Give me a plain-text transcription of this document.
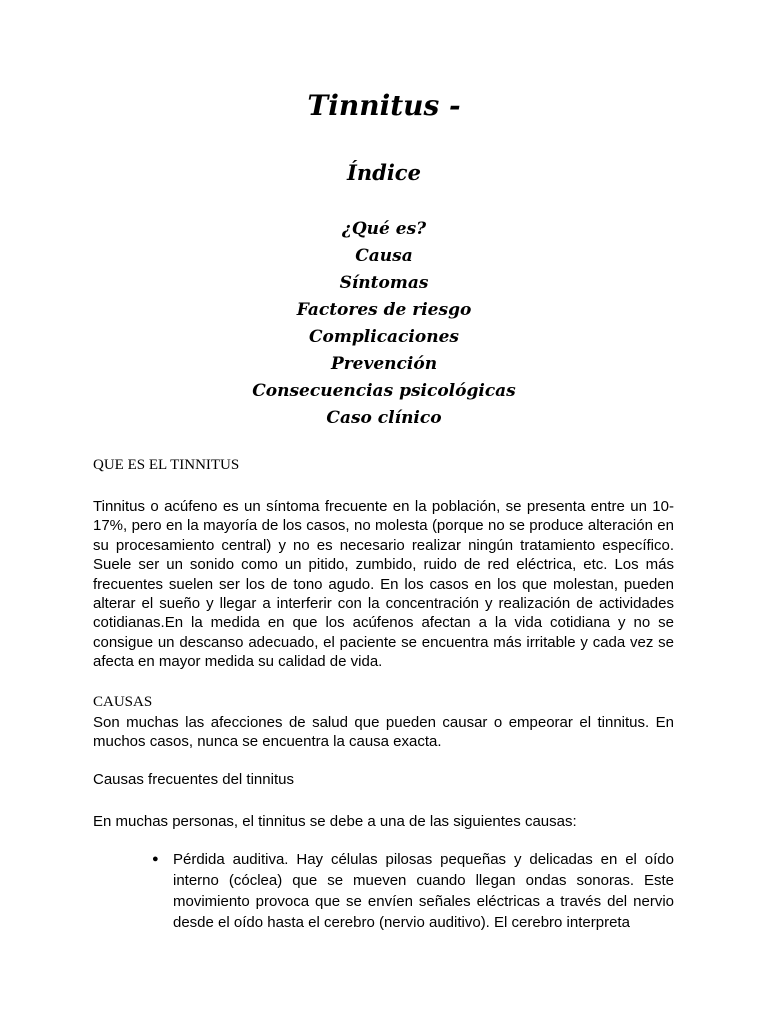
Tinnitus -
Índice
¿Qué es?
Causa
Síntomas
Factores de riesgo
Complicaciones
Prevención
Consecuencias psicológicas
Caso clínico
QUE ES EL TINNITUS

Tinnitus o acúfeno es un síntoma frecuente en la población, se presenta entre un 10-17%, pero en la mayoría de los casos, no molesta (porque no se produce alteración en su procesamiento central) y no es necesario realizar ningún tratamiento específico. Suele ser un sonido como un pitido, zumbido, ruido de red eléctrica, etc. Los más frecuentes suelen ser los de tono agudo. En los casos en los que molestan, pueden alterar el sueño y llegar a interferir con la concentración y realización de actividades cotidianas.En la medida en que los acúfenos afectan a la vida cotidiana y no se consigue un descanso adecuado, el paciente se encuentra más irritable y cada vez se afecta en mayor medida su calidad de vida.

CAUSAS

Son muchas las afecciones de salud que pueden causar o empeorar el tinnitus. En muchos casos, nunca se encuentra la causa exacta.

Causas frecuentes del tinnitus

En muchas personas, el tinnitus se debe a una de las siguientes causas:

● Pérdida auditiva. Hay células pilosas pequeñas y delicadas en el oído interno (cóclea) que se mueven cuando llegan ondas sonoras. Este movimiento provoca que se envíen señales eléctricas a través del nervio desde el oído hasta el cerebro (nervio auditivo). El cerebro interpreta
